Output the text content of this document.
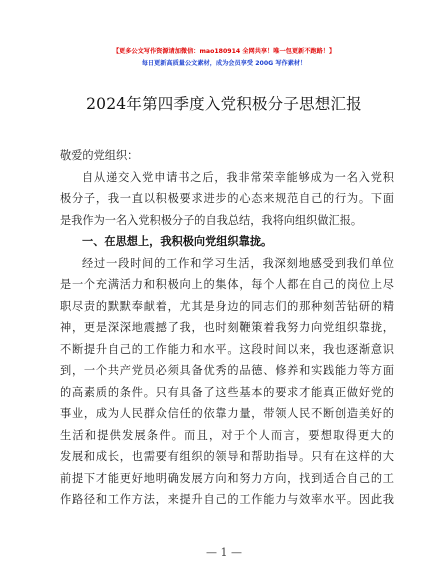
【更多公文写作资源请加微信：mao180914 全网共享！唯一包更新不跑路！】
每日更新高质量公文素材，成为会员享受 200G 写作素材！
2024年第四季度入党积极分子思想汇报
敬爱的党组织：
自从递交入党申请书之后，我非常荣幸能够成为一名入党积
极分子，我一直以积极要求进步的心态来规范自己的行为。下面
是我作为一名入党积极分子的自我总结，我将向组织做汇报。
一、在思想上，我积极向党组织靠拢。
经过一段时间的工作和学习生活，我深刻地感受到我们单位
是一个充满活力和积极向上的集体，每个人都在自己的岗位上尽
职尽责的默默奉献着，尤其是身边的同志们的那种刻苦钻研的精
神，更是深深地震撼了我，也时刻鞭策着我努力向党组织靠拢，
不断提升自己的工作能力和水平。这段时间以来，我也逐渐意识
到，一个共产党员必须具备优秀的品德、修养和实践能力等方面
的高素质的条件。只有具备了这些基本的要求才能真正做好党的
事业，成为人民群众信任的依靠力量，带领人民不断创造美好的
生活和提供发展条件。而且，对于个人而言，要想取得更大的
发展和成长，也需要有组织的领导和帮助指导。只有在这样的大
前提下才能更好地明确发展方向和努力方向，找到适合自己的工
作路径和工作方法，来提升自己的工作能力与效率水平。因此我
— 1 —
